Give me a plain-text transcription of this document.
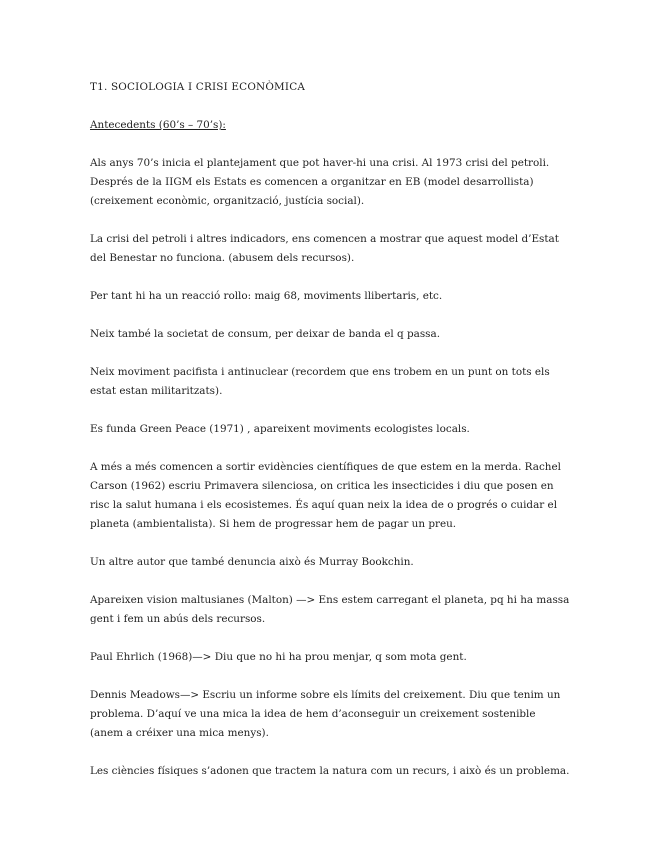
T1. SOCIOLOGIA I CRISI ECONÒMICA

Antecedents (60’s – 70’s):

Als anys 70’s inicia el plantejament que pot haver-hi una crisi. Al 1973 crisi del petroli. Després de la IIGM els Estats es comencen a organitzar en EB (model desarrollista) (creixement econòmic, organització, justícia social).

La crisi del petroli i altres indicadors, ens comencen a mostrar que aquest model d’Estat del Benestar no funciona. (abusem dels recursos).

Per tant hi ha un reacció rollo: maig 68, moviments llibertaris, etc.

Neix també la societat de consum, per deixar de banda el q passa.

Neix moviment pacifista i antinuclear (recordem que ens trobem en un punt on tots els estat estan militaritzats).

Es funda Green Peace (1971) , apareixent moviments ecologistes locals.

A més a més comencen a sortir evidències científiques de que estem en la merda. Rachel Carson (1962) escriu Primavera silenciosa, on critica les insecticides i diu que posen en risc la salut humana i els ecosistemes. És aquí quan neix la idea de o progrés o cuidar el planeta (ambientalista). Si hem de progressar hem de pagar un preu.

Un altre autor que també denuncia això és Murray Bookchin.

Apareixen vision maltusianes (Malton) —> Ens estem carregant el planeta, pq hi ha massa gent i fem un abús dels recursos.

Paul Ehrlich (1968)—> Diu que no hi ha prou menjar, q som mota gent.

Dennis Meadows—> Escriu un informe sobre els límits del creixement. Diu que tenim un problema. D’aquí ve una mica la idea de hem d’aconseguir un creixement sostenible (anem a créixer una mica menys).

Les ciències físiques s’adonen que tractem la natura com un recurs, i això és un problema.
